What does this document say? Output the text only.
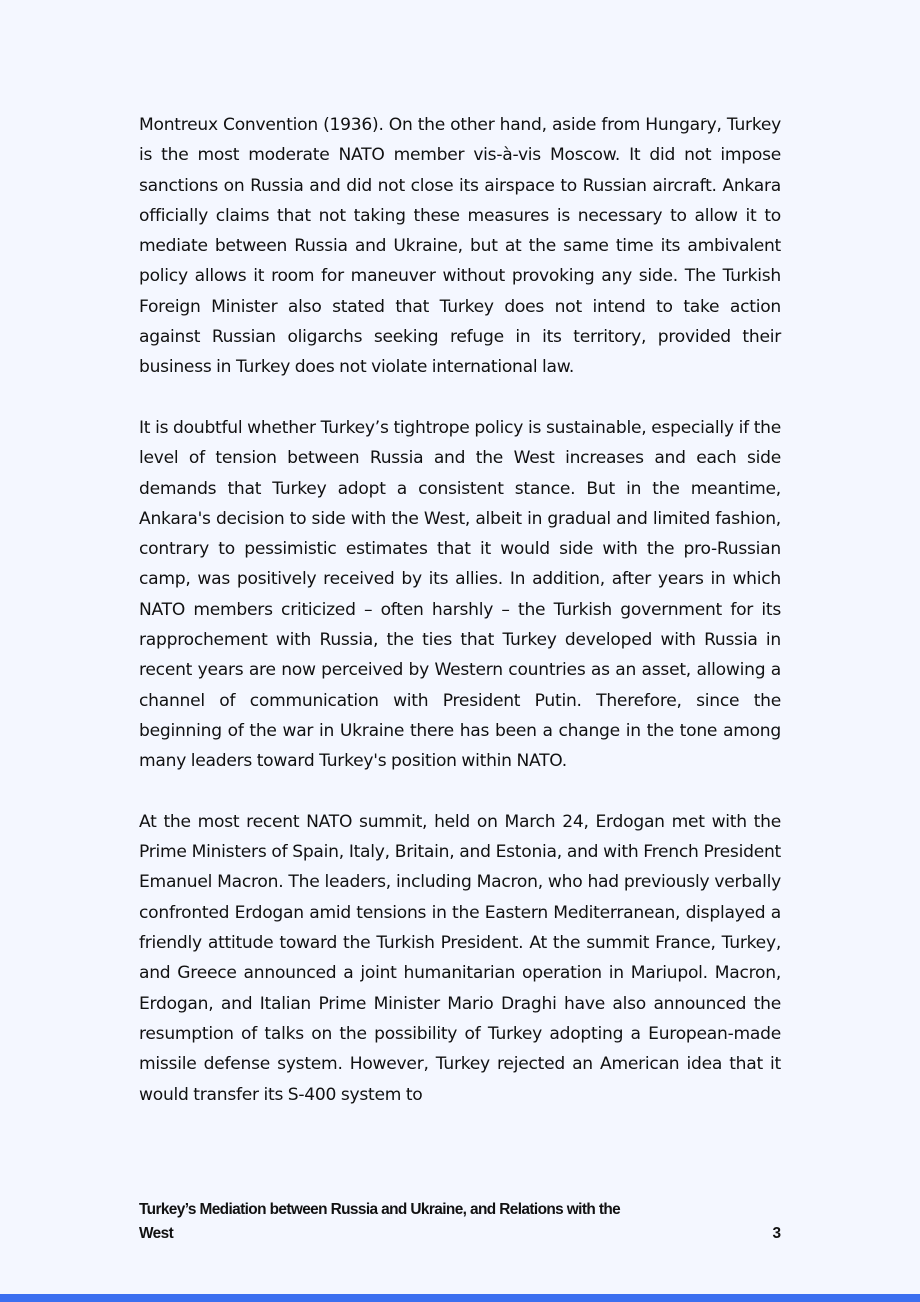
Montreux Convention (1936). On the other hand, aside from Hungary, Turkey is the most moderate NATO member vis-à-vis Moscow. It did not impose sanctions on Russia and did not close its airspace to Russian aircraft. Ankara officially claims that not taking these measures is necessary to allow it to mediate between Russia and Ukraine, but at the same time its ambivalent policy allows it room for maneuver without provoking any side. The Turkish Foreign Minister also stated that Turkey does not intend to take action against Russian oligarchs seeking refuge in its territory, provided their business in Turkey does not violate international law.

It is doubtful whether Turkey’s tightrope policy is sustainable, especially if the level of tension between Russia and the West increases and each side demands that Turkey adopt a consistent stance. But in the meantime, Ankara's decision to side with the West, albeit in gradual and limited fashion, contrary to pessimistic estimates that it would side with the pro-Russian camp, was positively received by its allies. In addition, after years in which NATO members criticized – often harshly – the Turkish government for its rapprochement with Russia, the ties that Turkey developed with Russia in recent years are now perceived by Western countries as an asset, allowing a channel of communication with President Putin. Therefore, since the beginning of the war in Ukraine there has been a change in the tone among many leaders toward Turkey's position within NATO.

At the most recent NATO summit, held on March 24, Erdogan met with the Prime Ministers of Spain, Italy, Britain, and Estonia, and with French President Emanuel Macron. The leaders, including Macron, who had previously verbally confronted Erdogan amid tensions in the Eastern Mediterranean, displayed a friendly attitude toward the Turkish President. At the summit France, Turkey, and Greece announced a joint humanitarian operation in Mariupol. Macron, Erdogan, and Italian Prime Minister Mario Draghi have also announced the resumption of talks on the possibility of Turkey adopting a European-made missile defense system. However, Turkey rejected an American idea that it would transfer its S-400 system to

Turkey’s Mediation between Russia and Ukraine, and Relations with the West	3
